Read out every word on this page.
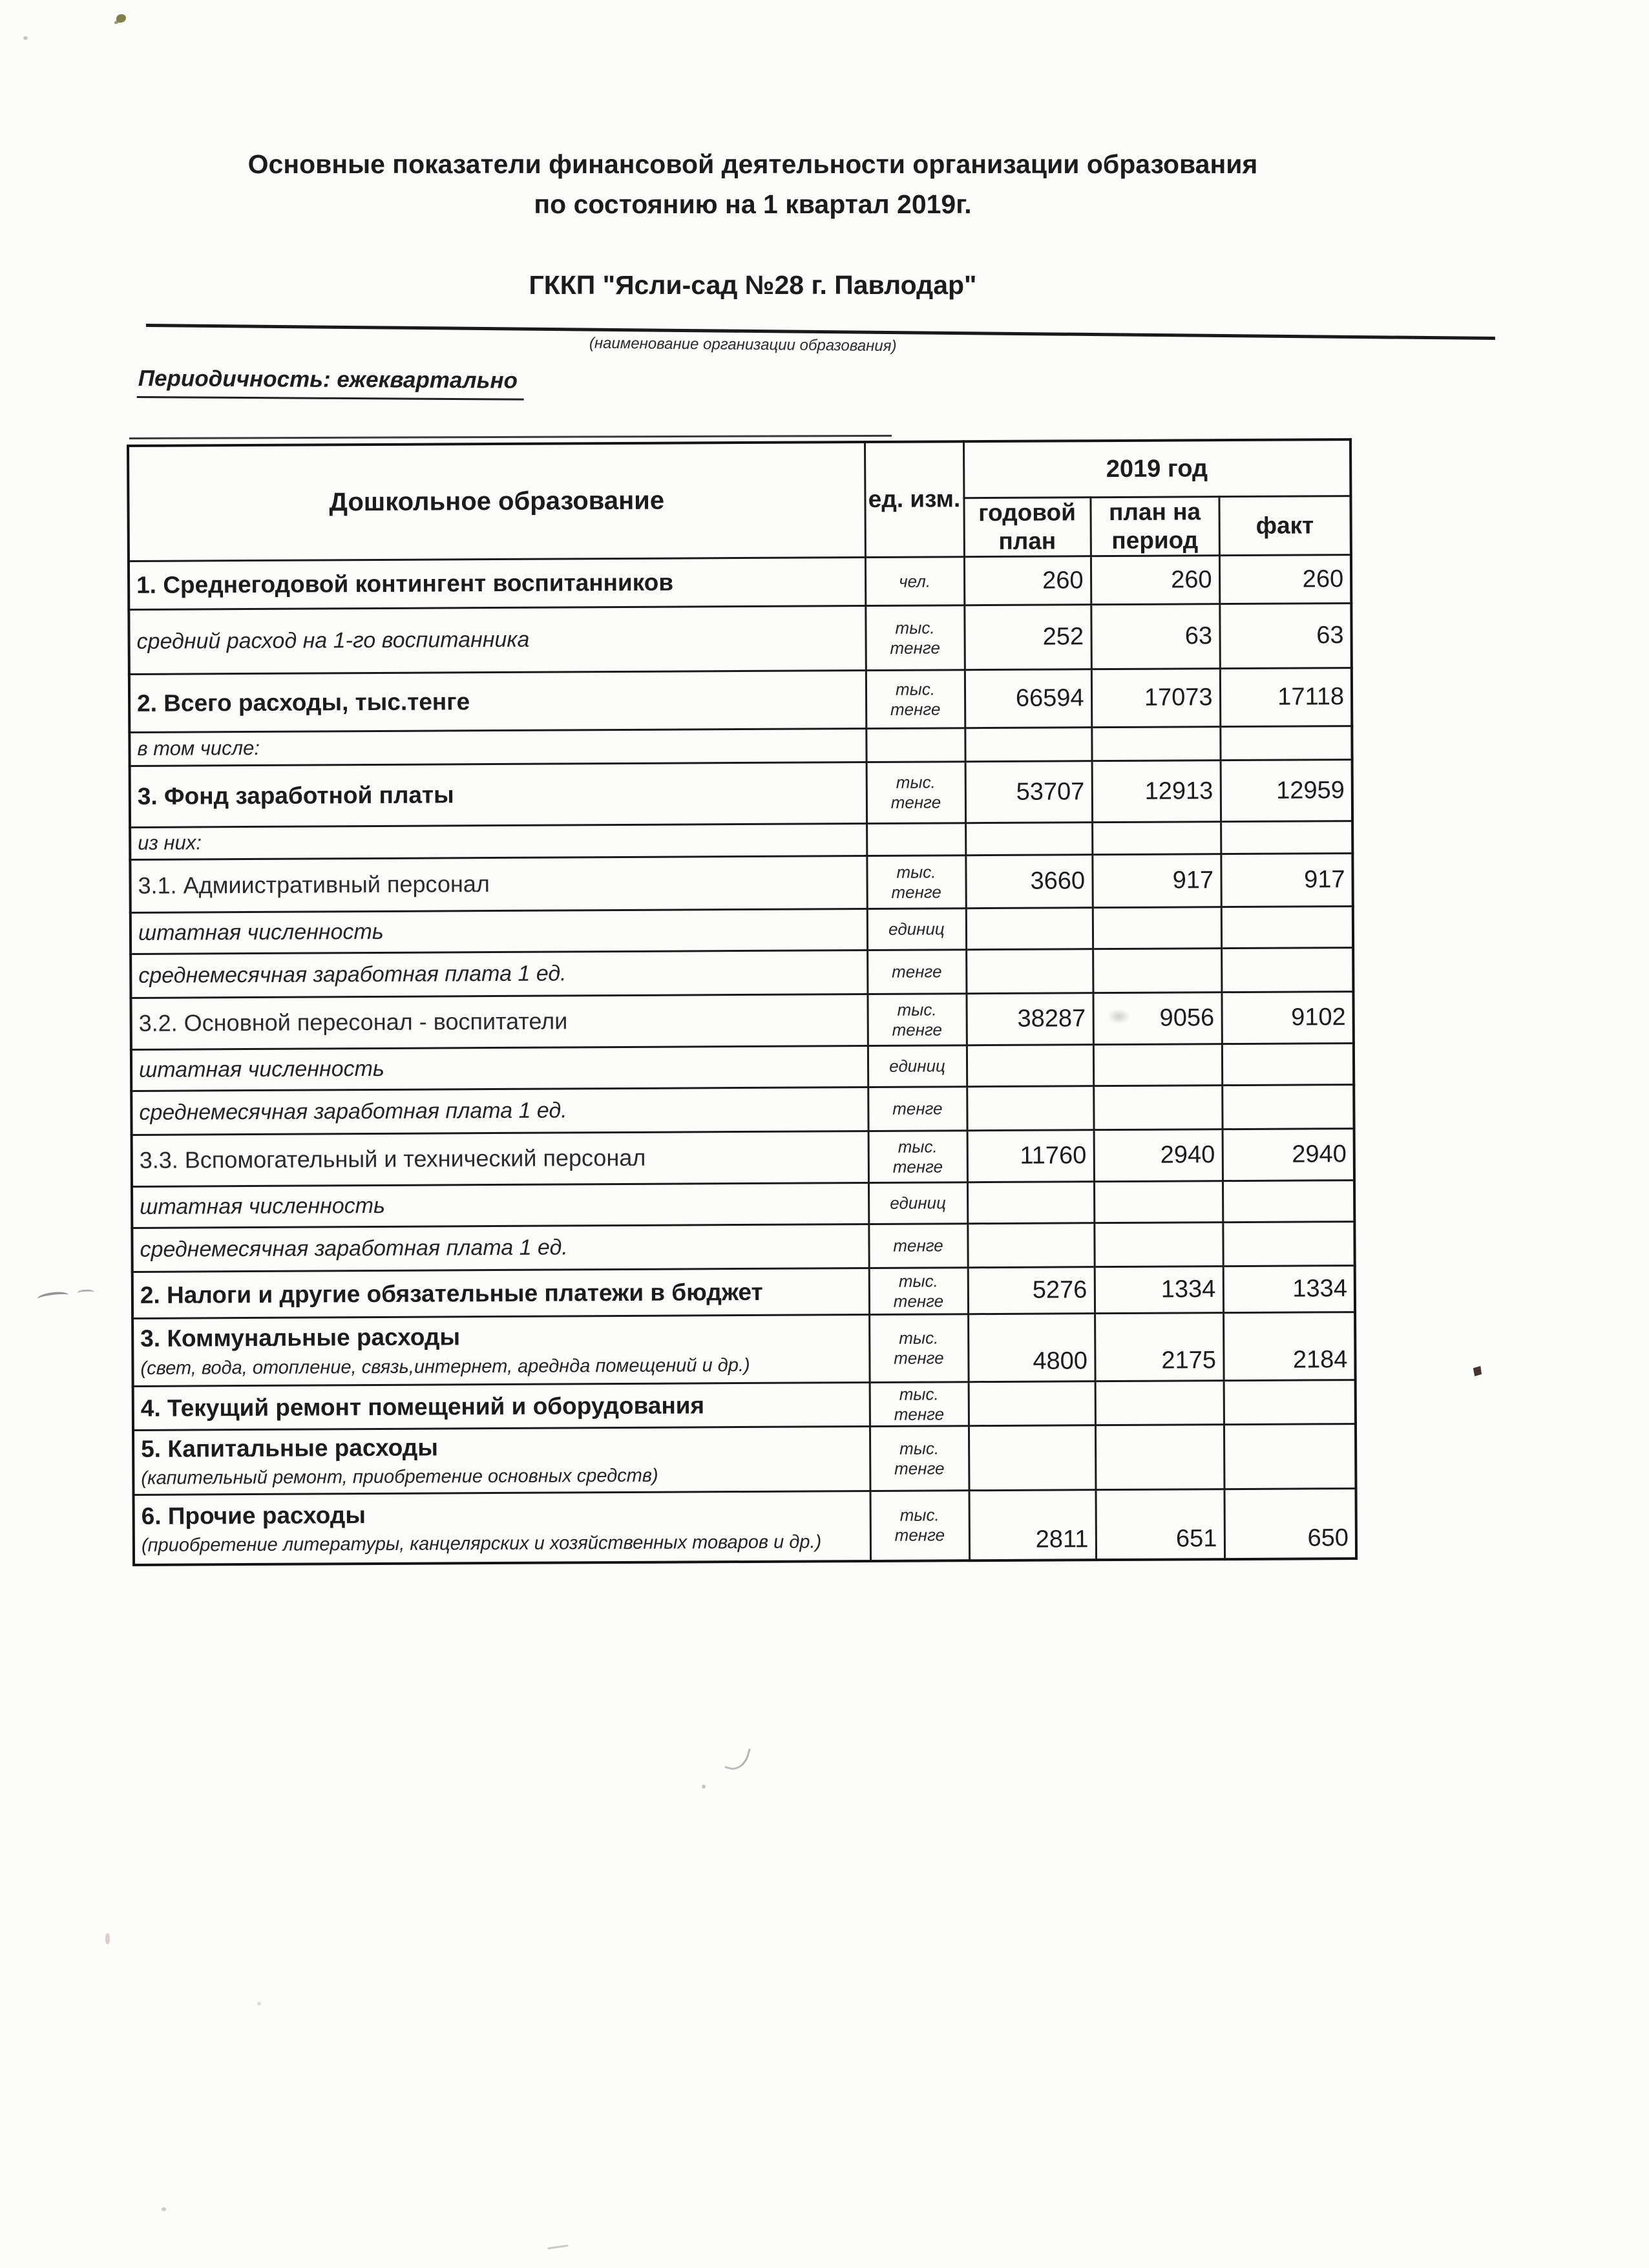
Основные показатели финансовой деятельности организации образования
по состоянию на 1 квартал 2019г.
ГККП "Ясли-сад №28 г. Павлодар"
(наименование организации образования)
Периодичность: ежеквартально
Дошкольное образование	ед. изм.	2019 год		
		годовой план	план на период	факт

1. Среднегодовой контингент воспитанников	чел.	260	260	260

средний расход на 1-го воспитанника	тыс. тенге	252	63	63

2. Всего расходы, тыс.тенге	тыс. тенге	66594	17073	17118

в том числе:				

3. Фонд заработной платы	тыс. тенге	53707	12913	12959

из них:				

3.1. Адмиистративный персонал	тыс. тенге	3660	917	917

штатная численность	единиц			

среднемесячная заработная плата 1 ед.	тенге			

3.2. Основной пересонал - воспитатели	тыс. тенге	38287	9056	9102

штатная численность	единиц			

среднемесячная заработная плата 1 ед.	тенге			

3.3. Вспомогательный и технический персонал	тыс. тенге	11760	2940	2940

штатная численность	единиц			

среднемесячная заработная плата 1 ед.	тенге			

2. Налоги и другие обязательные платежи в бюджет	тыс. тенге	5276	1334	1334

3. Коммунальные расходы
(свет, вода, отопление, связь,интернет, ареднда помещений и др.)	тыс. тенге	4800	2175	2184

4. Текущий ремонт помещений и оборудования	тыс. тенге			

5. Капитальные расходы
(капительный ремонт, приобретение основных средств)	тыс. тенге			

6. Прочие расходы
(приобретение литературы, канцелярских и хозяйственных товаров и др.)	тыс. тенге	2811	651	650
